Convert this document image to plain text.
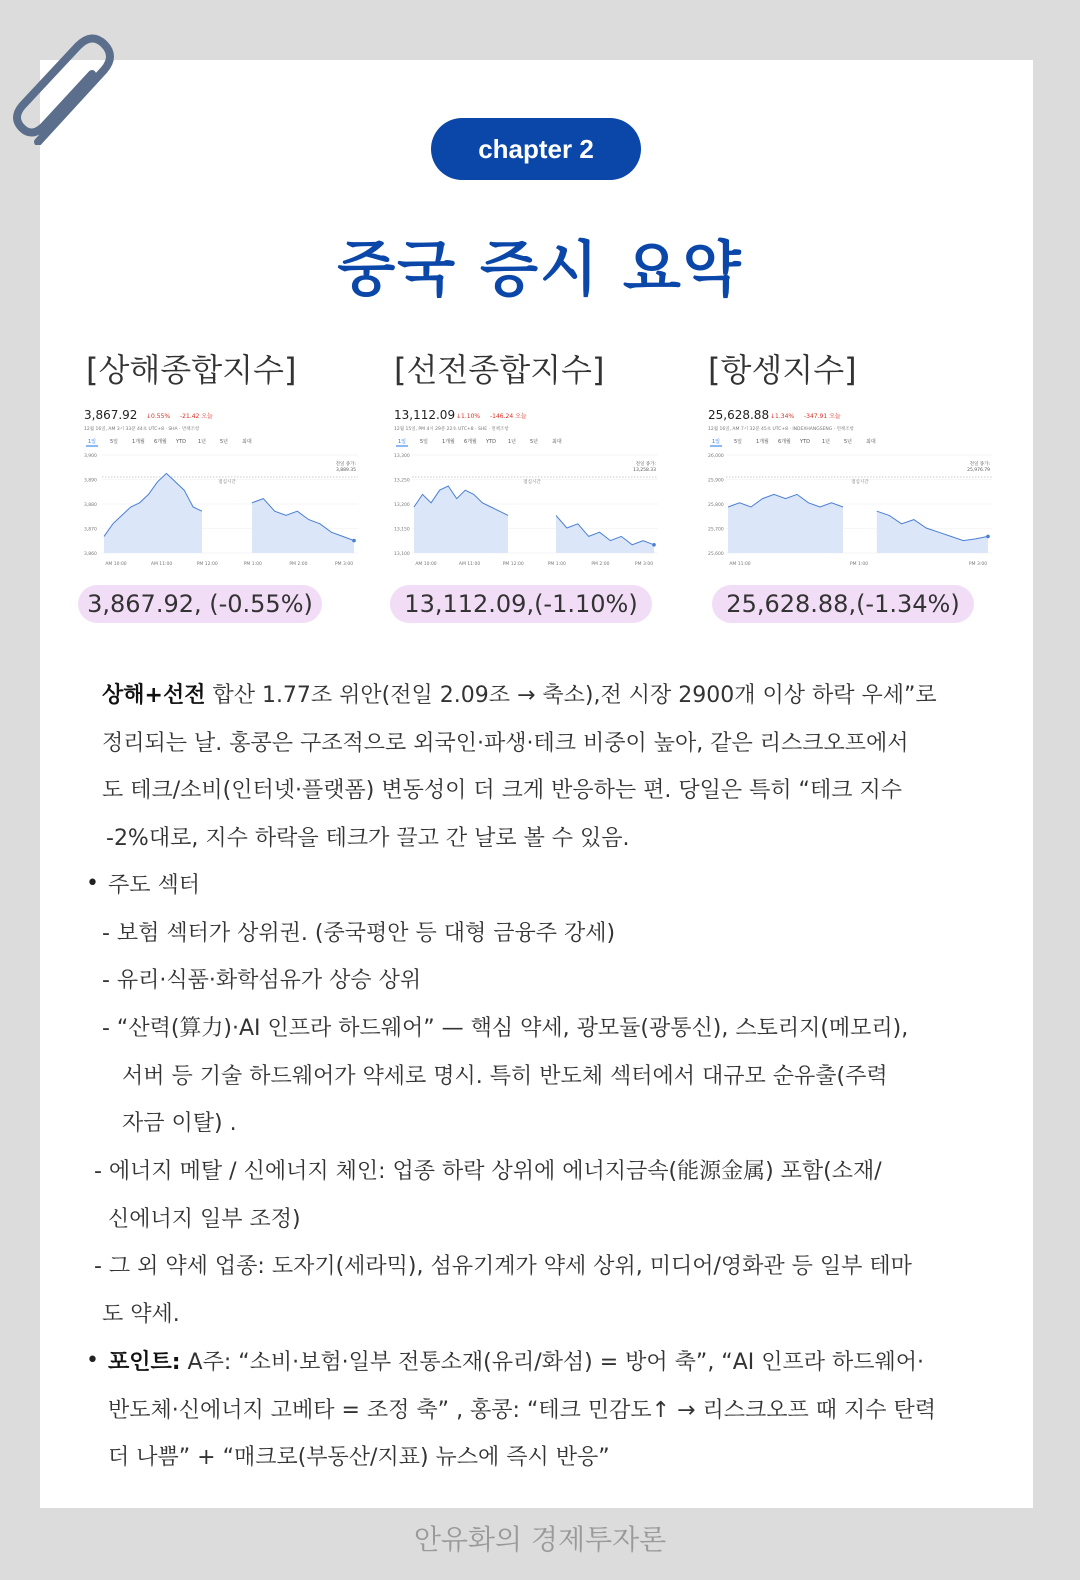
chapter 2
중국 증시 요약
[상해종합지수]	[선전종합지수]	[항셍지수]
3,867.92 ↓0.55% -21.42 오늘
12월 16일, AM 3시 33분 44초 UTC+8 · SHA · 면책조항
1일	5일	1개월 6개월 YTD 1년	5년	최대
3,900
3,890
3,880
3,870
3,860
AM 10:00	AM 11:00	PM 12:00	PM 1:00	PM 2:00	PM 3:00
전일 종가:
3,889.35
점심시간
13,112.09 ↓1.10% -146.24 오늘
12월 15일, PM 4시 29분 22초 UTC+8 · SHE · 면책조항
1일	5일	1개월 6개월 YTD 1년	5년	최대
13,300
13,250
13,200
13,150
13,100
AM 10:00	AM 11:00	PM 12:00	PM 1:00	PM 2:00	PM 3:00
전일 종가:
13,258.33
점심시간
25,628.88 ↓1.34% -347.91 오늘
12월 16일, AM 7시 32분 45초 UTC+8 · INDEXHANGSENG · 면책조항
1일	5일	1개월 6개월 YTD 1년	5년	최대
26,000
25,900
25,800
25,700
25,600
AM 11:00	PM 1:00	PM 3:00
전일 종가:
25,976.79
점심시간
3,867.92, (-0.55%)	13,112.09,(-1.10%)	25,628.88,(-1.34%)
상해+선전 합산 1.77조 위안(전일 2.09조 → 축소),전 시장 2900개 이상 하락 우세”로
정리되는 날. 홍콩은 구조적으로 외국인·파생·테크 비중이 높아, 같은 리스크오프에서
도 테크/소비(인터넷·플랫폼) 변동성이 더 크게 반응하는 편. 당일은 특히 “테크 지수
-2%대로, 지수 하락을 테크가 끌고 간 날로 볼 수 있음.
• 주도 섹터
- 보험 섹터가 상위권. (중국평안 등 대형 금융주 강세)
- 유리·식품·화학섬유가 상승 상위
- “산력(算力)·AI 인프라 하드웨어” — 핵심 약세, 광모듈(광통신), 스토리지(메모리),
서버 등 기술 하드웨어가 약세로 명시. 특히 반도체 섹터에서 대규모 순유출(주력
자금 이탈) .
- 에너지 메탈 / 신에너지 체인: 업종 하락 상위에 에너지금속(能源金属) 포함(소재/
신에너지 일부 조정)
- 그 외 약세 업종: 도자기(세라믹), 섬유기계가 약세 상위, 미디어/영화관 등 일부 테마
도 약세.
• 포인트: A주: “소비·보험·일부 전통소재(유리/화섬) = 방어 축”, “AI 인프라 하드웨어·
반도체·신에너지 고베타 = 조정 축” , 홍콩: “테크 민감도↑ → 리스크오프 때 지수 탄력
더 나쁨” + “매크로(부동산/지표) 뉴스에 즉시 반응”
안유화의 경제투자론
